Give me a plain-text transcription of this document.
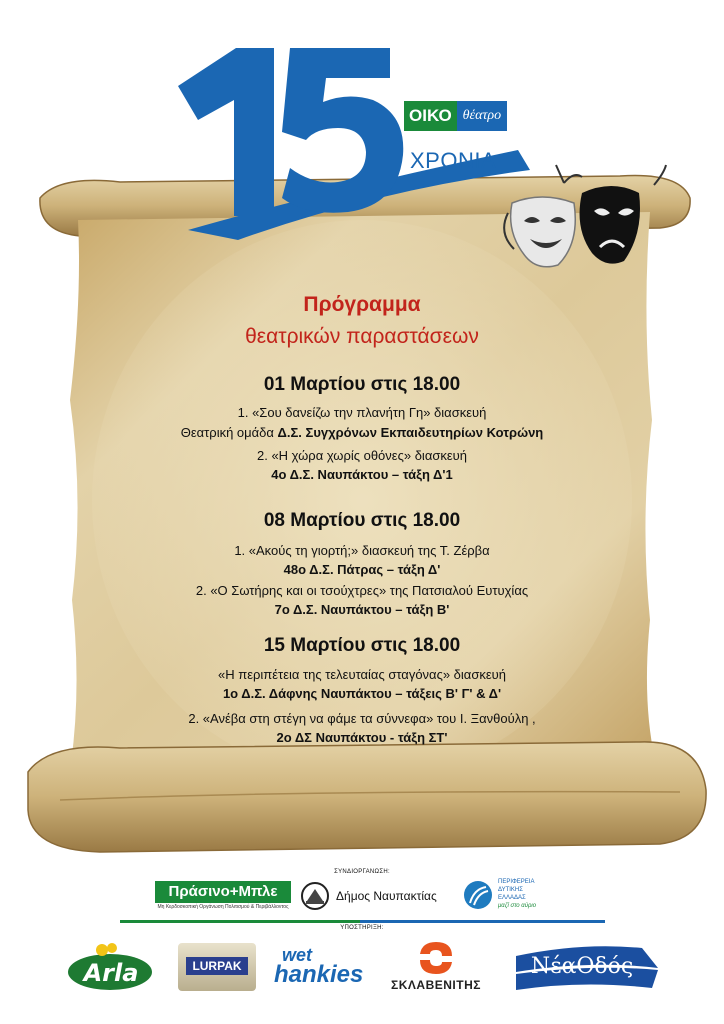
ΟΙΚΟ θέατρο
ΧΡΟΝΙΑ
Πρόγραμμα
θεατρικών παραστάσεων
01 Μαρτίου στις 18.00
1. «Σου δανείζω την πλανήτη Γη» διασκευή
Θεατρική ομάδα Δ.Σ. Συγχρόνων Εκπαιδευτηρίων Κοτρώνη
2. «Η χώρα χωρίς οθόνες» διασκευή
4ο Δ.Σ. Ναυπάκτου – τάξη Δ'1
08 Μαρτίου στις 18.00
1. «Ακούς τη γιορτή;» διασκευή της Τ. Ζέρβα
48ο Δ.Σ. Πάτρας – τάξη Δ'
2. «Ο Σωτήρης και οι τσούχτρες» της Πατσιαλού Ευτυχίας
7ο Δ.Σ. Ναυπάκτου – τάξη Β'
15 Μαρτίου στις 18.00
«Η περιπέτεια της τελευταίας σταγόνας» διασκευή
1ο Δ.Σ. Δάφνης Ναυπάκτου – τάξεις Β' Γ' & Δ'
2. «Ανέβα στη στέγη να φάμε τα σύννεφα» του Ι. Ξανθούλη ,
2ο ΔΣ Ναυπάκτου - τάξη ΣΤ'
ΣΥΝΔΙΟΡΓΑΝΩΣΗ:
Πράσινο+Μπλε
Μη Κερδοσκοπική Οργάνωση Πολιτισμού & Περιβάλλοντος
Δήμος Ναυπακτίας
ΠΕΡΙΦΕΡΕΙΑ
ΔΥΤΙΚΗΣ
ΕΛΛΑΔΑΣ
μαζί στο αύριο
ΥΠΟΣΤΗΡΙΞΗ:
Arla	LURPAK
wet
hankies	ΣΚΛΑΒΕΝΙΤΗΣ
ΝέαΟδός
